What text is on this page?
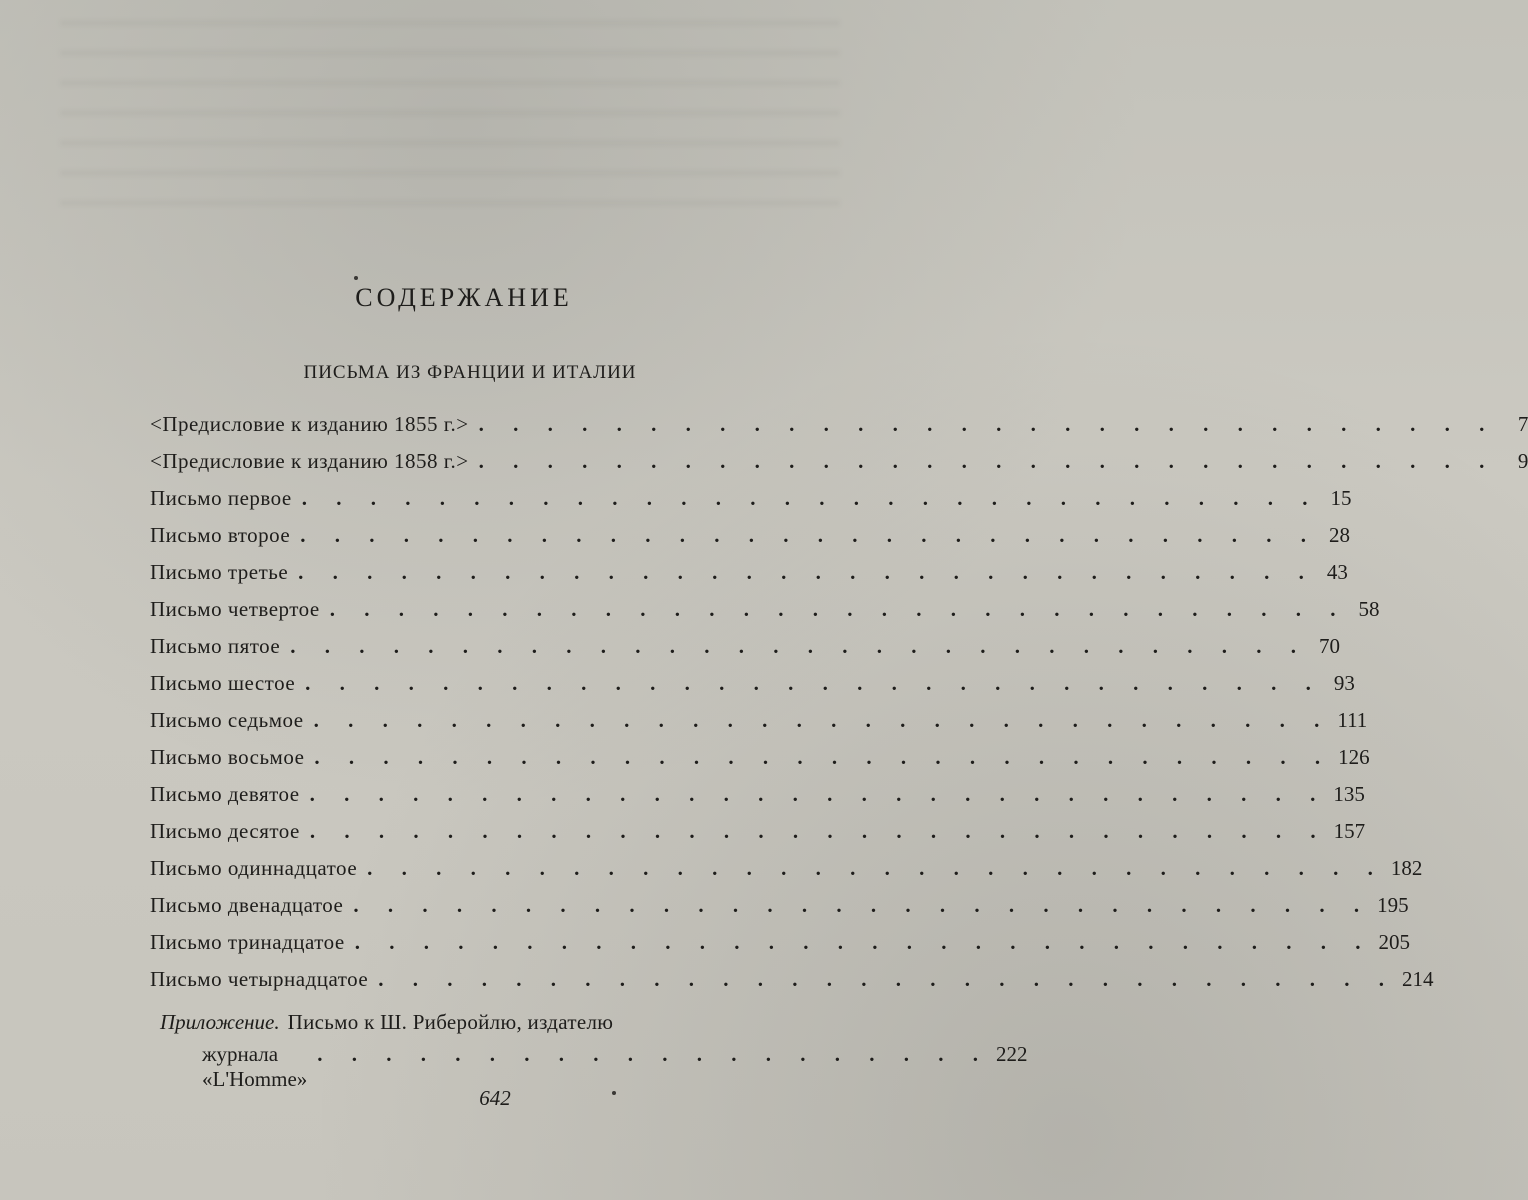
СОДЕРЖАНИЕ
ПИСЬМА ИЗ ФРАНЦИИ И ИТАЛИИ
<Предисловие к изданию 1855 г.> . . . . . . . . . . . . . . . . . . . . . . . . . . . . . .	7
<Предисловие к изданию 1858 г.> . . . . . . . . . . . . . . . . . . . . . . . . . . . . . .	9
Письмо первое . . . . . . . . . . . . . . . . . . . . . . . . . . . . . . 15
Письмо второе . . . . . . . . . . . . . . . . . . . . . . . . . . . . . . 28
Письмо третье . . . . . . . . . . . . . . . . . . . . . . . . . . . . . . 43
Письмо четвертое . . . . . . . . . . . . . . . . . . . . . . . . . . . . . . 58
Письмо пятое . . . . . . . . . . . . . . . . . . . . . . . . . . . . . . 70
Письмо шестое . . . . . . . . . . . . . . . . . . . . . . . . . . . . . . 93
Письмо седьмое . . . . . . . . . . . . . . . . . . . . . . . . . . . . . . 111
Письмо восьмое . . . . . . . . . . . . . . . . . . . . . . . . . . . . . . 126
Письмо девятое . . . . . . . . . . . . . . . . . . . . . . . . . . . . . . 135
Письмо десятое . . . . . . . . . . . . . . . . . . . . . . . . . . . . . . 157
Письмо одиннадцатое . . . . . . . . . . . . . . . . . . . . . . . . . . . . . . 182
Письмо двенадцатое . . . . . . . . . . . . . . . . . . . . . . . . . . . . . . 195
Письмо тринадцатое . . . . . . . . . . . . . . . . . . . . . . . . . . . . . . 205
Письмо четырнадцатое . . . . . . . . . . . . . . . . . . . . . . . . . . . . . . 214
Приложение. Письмо к Ш. Риберойлю, издателю
журнала «L'Homme»
. . . . . . . . . . . . . . . . . . . . 222
642
